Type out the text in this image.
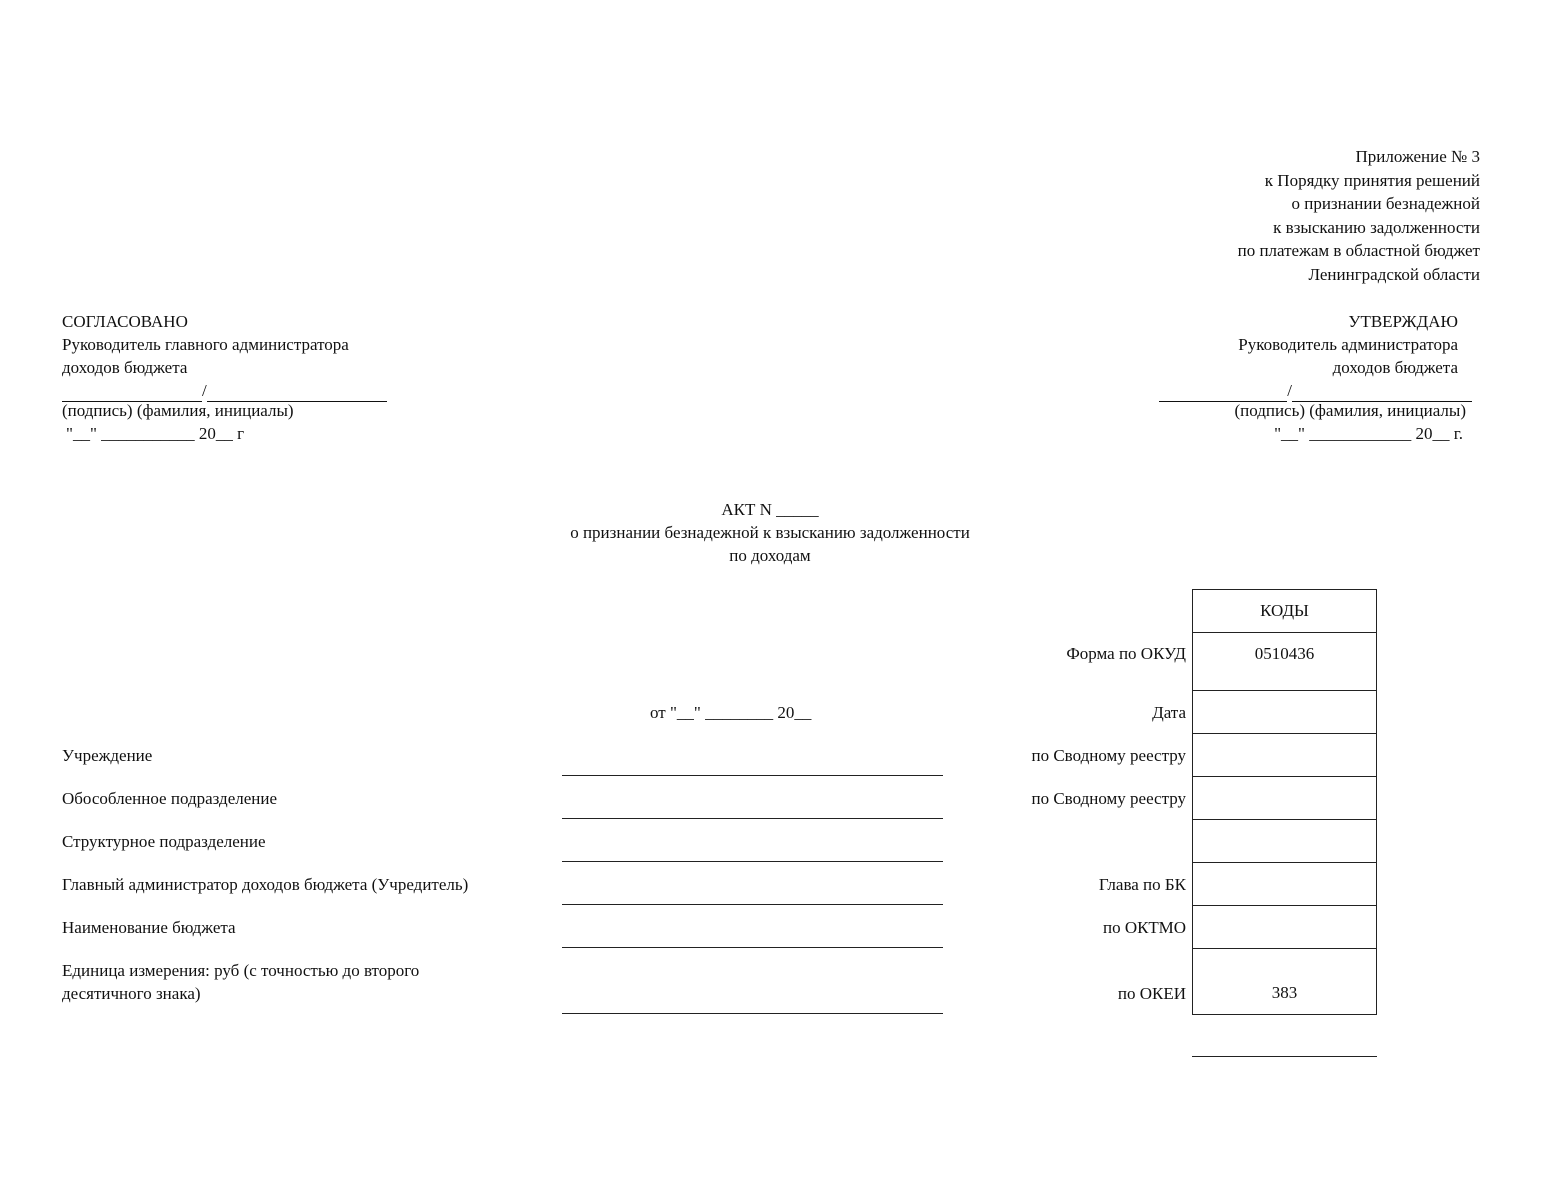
Приложение № 3
к Порядку принятия решений
о признании безнадежной
к взысканию задолженности
по платежам в областной бюджет
Ленинградской области
СОГЛАСОВАНО
Руководитель главного администратора
доходов бюджета
/
(подпись) (фамилия, инициалы)
"__" ___________ 20__ г
УТВЕРЖДАЮ
Руководитель администратора
доходов бюджета
/
(подпись) (фамилия, инициалы)
"__" ____________ 20__ г.
АКТ N _____
о признании безнадежной к взысканию задолженности
по доходам
от "__" ________ 20__
Учреждение
Обособленное подразделение
Структурное подразделение
Главный администратор доходов бюджета (Учредитель)
Наименование бюджета
Единица измерения: руб (с точностью до второго
десятичного знака)
Форма по ОКУД
Дата
по Сводному реестру
по Сводному реестру
Глава по БК
по ОКТМО
по ОКЕИ
КОДЫ
0510436
383
